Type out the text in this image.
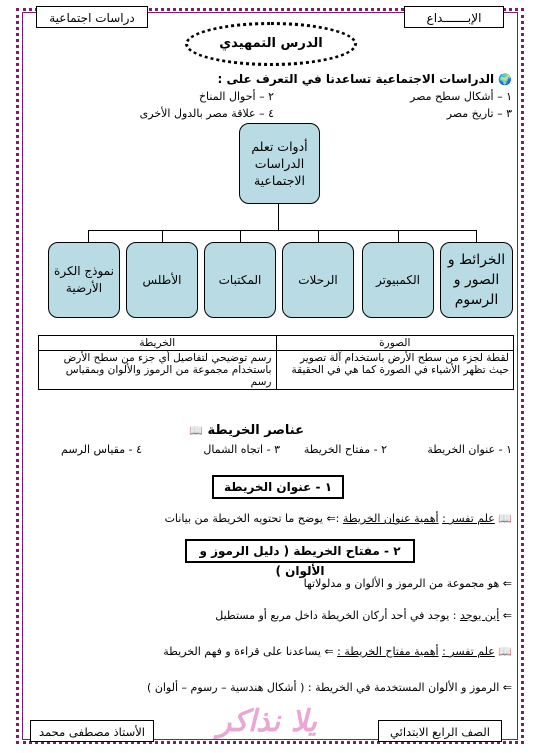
دراسات اجتماعية	الإبـــــــداع
الدرس التمهيدي
🌍 الدراسات الاجتماعية تساعدنا في التعرف على :
١ – أشكال سطح مصر
٢ – أحوال المناخ
٣ – تاريخ مصر
٤ – علاقة مصر بالدول الأخرى
أدوات تعلم الدراسات الاجتماعية
الخرائط و الصور و الرسوم
الكمبيوتر
الرحلات
المكتبات
الأطلس
نموذج الكرة الأرضية
الصورة	الخريطة
لقطة لجزء من سطح الأرض باستخدام آلة تصوير حيث تظهر الأشياء في الصورة كما هي في الحقيقة	رسم توضيحي لتفاصيل أي جزء من سطح الأرض باستخدام مجموعة من الرموز والألوان وبمقياس رسم
عناصر الخريطة 📖
١ - عنوان الخريطة
٢ - مفتاح الخريطة
٣ - اتجاه الشمال
٤ - مقياس الرسم
١ - عنوان الخريطة
📖 علم تفسر : أهمية عنوان الخريطة :⇐ يوضح ما تحتويه الخريطة من بيانات
٢ - مفتاح الخريطة ( دليل الرموز و الألوان )
⇐ هو مجموعة من الرموز و الألوان و مدلولاتها
⇐ أين يوجد : يوجد في أحد أركان الخريطة داخل مربع أو مستطيل
📖 علم تفسر : أهمية مفتاح الخريطة : ⇐ يساعدنا على قراءة و فهم الخريطة
⇐ الرموز و الألوان المستخدمة في الخريطة : ( أشكال هندسية – رسوم – ألوان )
الأستاذ مصطفى محمد	الصف الرابع الابتدائي
يلا نذاكر
